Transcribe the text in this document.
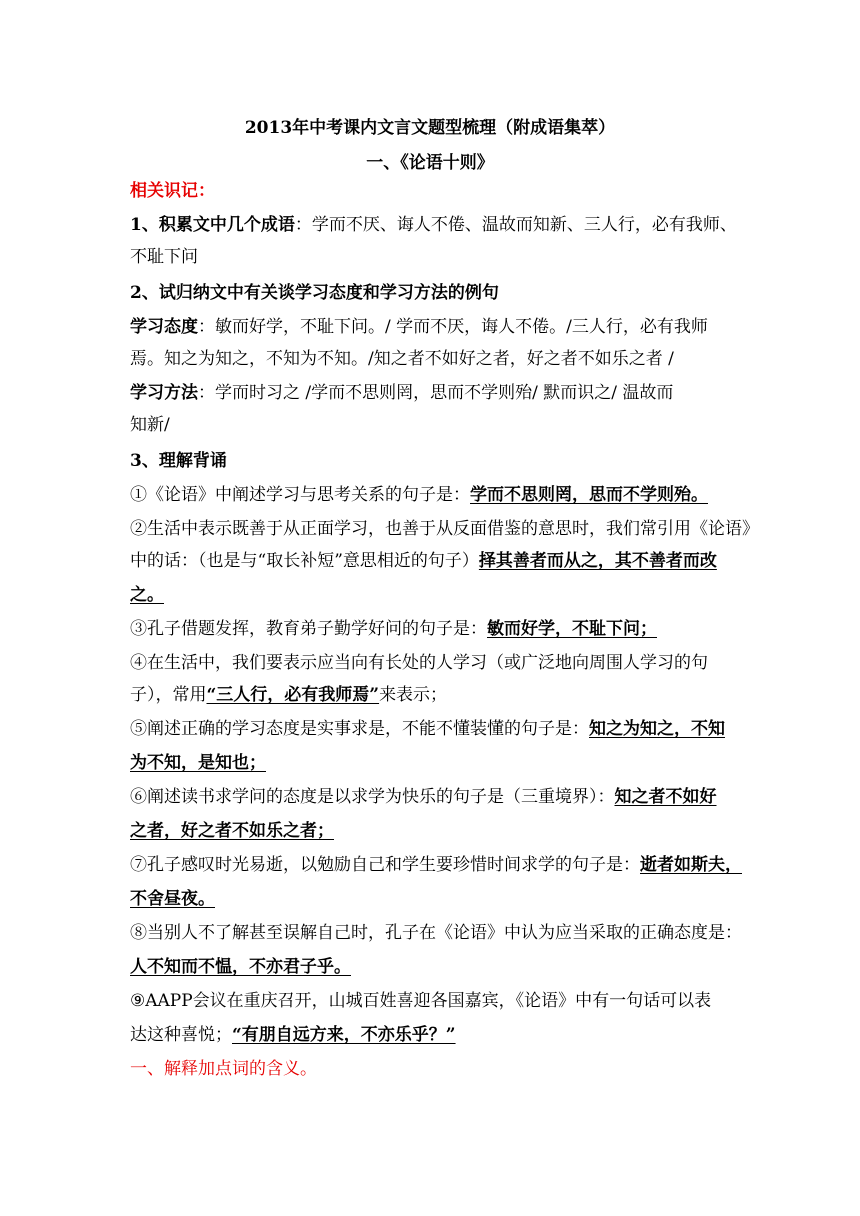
2013年中考课内文言文题型梳理（附成语集萃）
一、《论语十则》
相关识记：
1、积累文中几个成语：学而不厌、诲人不倦、温故而知新、三人行，必有我师、
不耻下问
2、试归纳文中有关谈学习态度和学习方法的例句
学习态度：敏而好学，不耻下问。/ 学而不厌，诲人不倦。/三人行，必有我师
焉。知之为知之，不知为不知。/知之者不如好之者，好之者不如乐之者 /
学习方法：学而时习之 /学而不思则罔，思而不学则殆/ 默而识之/ 温故而
知新/
3、理解背诵
①《论语》中阐述学习与思考关系的句子是：学而不思则罔，思而不学则殆。
②生活中表示既善于从正面学习，也善于从反面借鉴的意思时，我们常引用《论语》
中的话：（也是与“取长补短”意思相近的句子）择其善者而从之，其不善者而改
之。
③孔子借题发挥，教育弟子勤学好问的句子是：敏而好学，不耻下问；
④在生活中，我们要表示应当向有长处的人学习（或广泛地向周围人学习的句
子），常用“三人行，必有我师焉”来表示；
⑤阐述正确的学习态度是实事求是，不能不懂装懂的句子是：知之为知之，不知
为不知，是知也；
⑥阐述读书求学问的态度是以求学为快乐的句子是（三重境界）：知之者不如好
之者，好之者不如乐之者；
⑦孔子感叹时光易逝，以勉励自己和学生要珍惜时间求学的句子是：逝者如斯夫，
不舍昼夜。
⑧当别人不了解甚至误解自己时，孔子在《论语》中认为应当采取的正确态度是：
人不知而不愠，不亦君子乎。
⑨AAPP会议在重庆召开，山城百姓喜迎各国嘉宾，《论语》中有一句话可以表
达这种喜悦；“有朋自远方来，不亦乐乎？”
一、解释加点词的含义。
